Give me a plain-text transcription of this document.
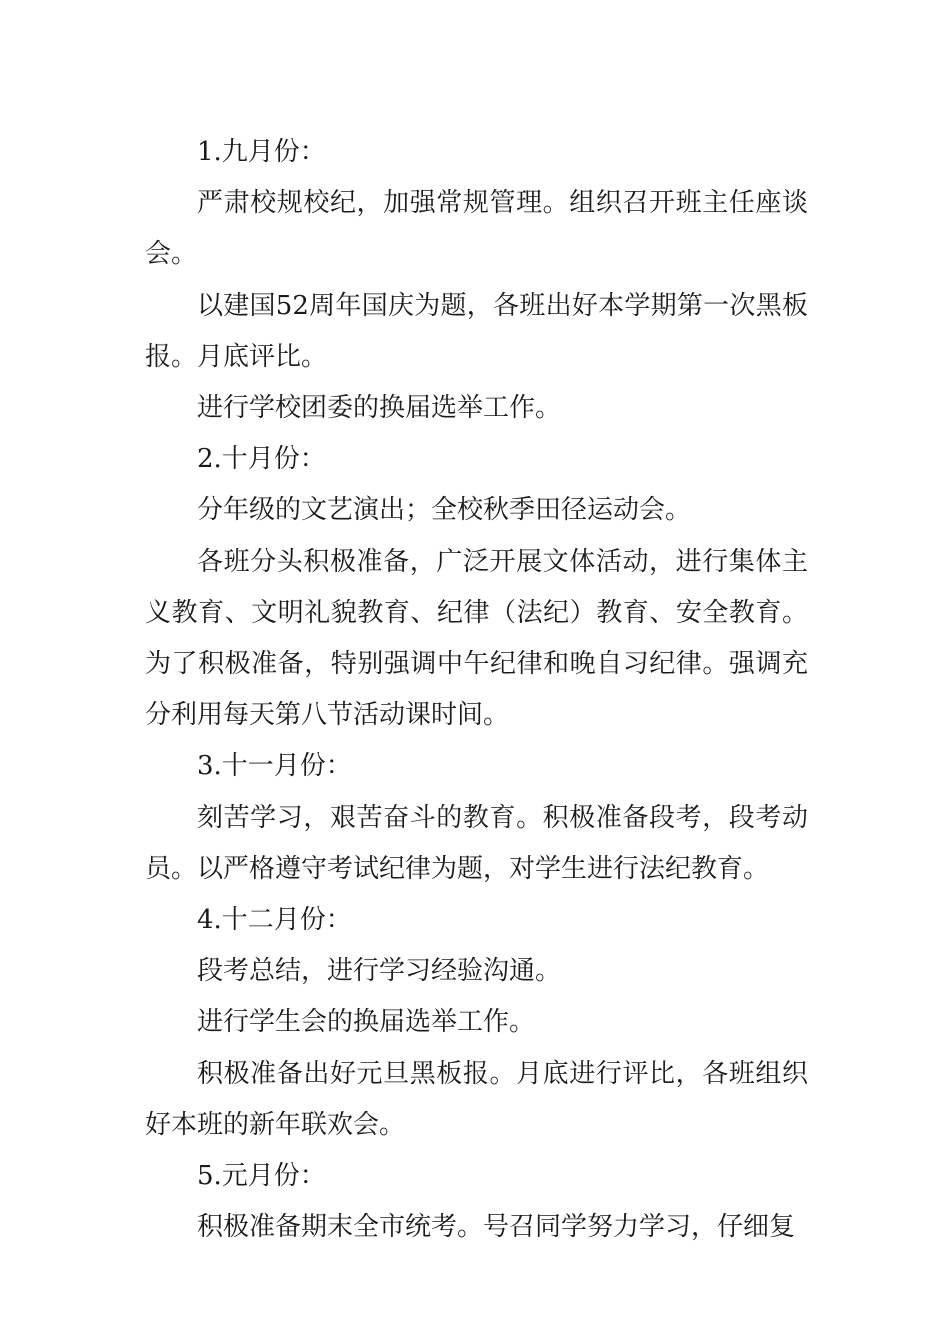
1.九月份：

严肃校规校纪，加强常规管理。组织召开班主任座谈会。

以建国52周年国庆为题，各班出好本学期第一次黑板报。月底评比。

进行学校团委的换届选举工作。

2.十月份：

分年级的文艺演出；全校秋季田径运动会。

各班分头积极准备，广泛开展文体活动，进行集体主义教育、文明礼貌教育、纪律（法纪）教育、安全教育。为了积极准备，特别强调中午纪律和晚自习纪律。强调充分利用每天第八节活动课时间。

3.十一月份：

刻苦学习，艰苦奋斗的教育。积极准备段考，段考动员。以严格遵守考试纪律为题，对学生进行法纪教育。

4.十二月份：

段考总结，进行学习经验沟通。

进行学生会的换届选举工作。

积极准备出好元旦黑板报。月底进行评比，各班组织好本班的新年联欢会。

5.元月份：

积极准备期末全市统考。号召同学努力学习，仔细复
